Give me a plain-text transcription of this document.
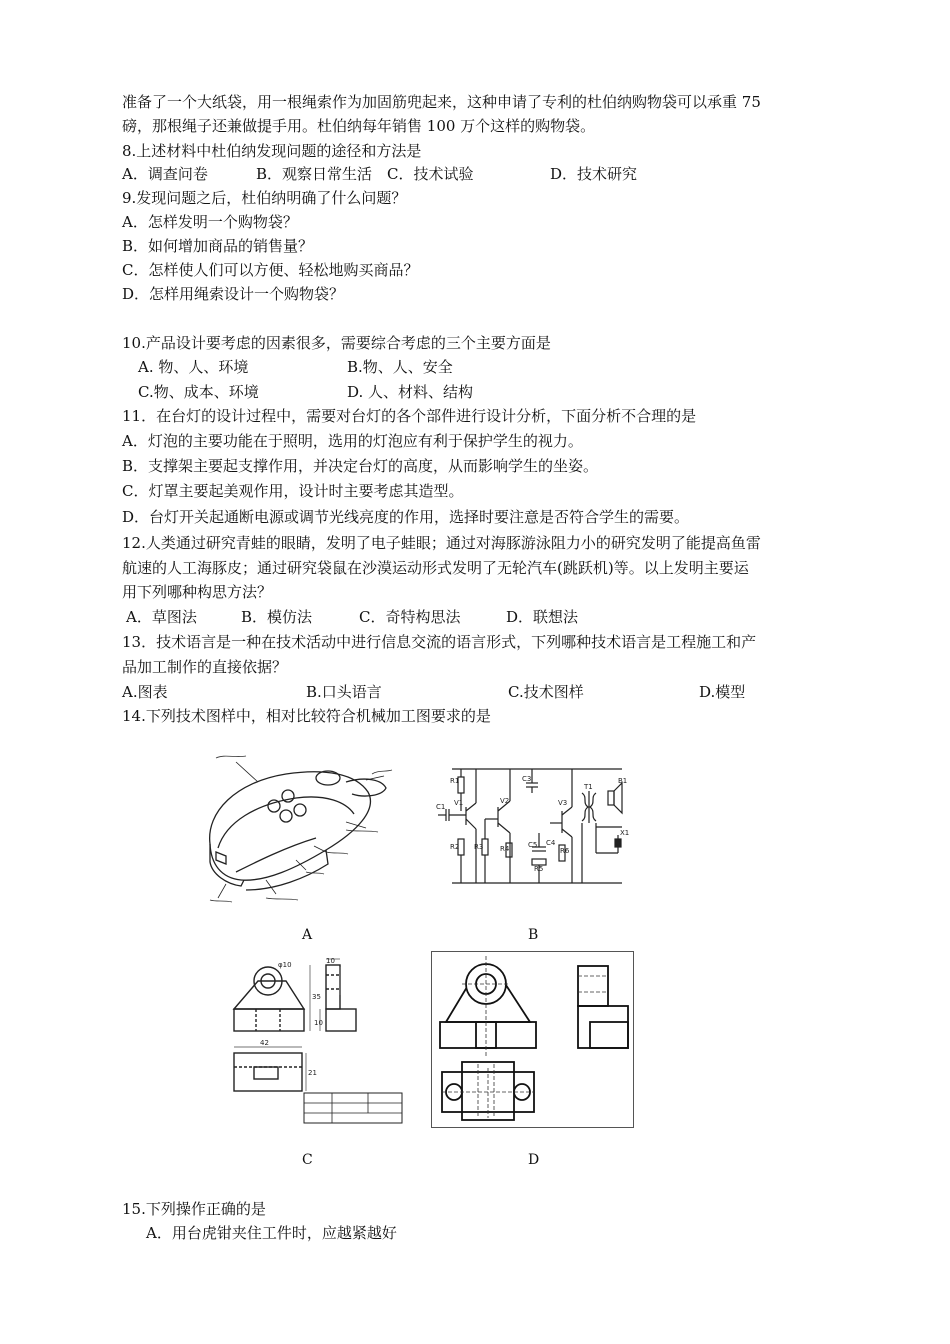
准备了一个大纸袋，用一根绳索作为加固筋兜起来，这种申请了专利的杜伯纳购物袋可以承重 75
磅，那根绳子还兼做提手用。杜伯纳每年销售 100 万个这样的购物袋。
8.上述材料中杜伯纳发现问题的途径和方法是
A．调查问卷	B．观察日常生活 C．技术试验	D．技术研究
9.发现问题之后，杜伯纳明确了什么问题？
A．怎样发明一个购物袋？
B．如何增加商品的销售量？
C．怎样使人们可以方便、轻松地购买商品？
D．怎样用绳索设计一个购物袋？
10.产品设计要考虑的因素很多，需要综合考虑的三个主要方面是
A. 物、人、环境	B.物、人、安全
C.物、成本、环境	D. 人、材料、结构
11．在台灯的设计过程中，需要对台灯的各个部件进行设计分析，下面分析不合理的是
A．灯泡的主要功能在于照明，选用的灯泡应有利于保护学生的视力。
B．支撑架主要起支撑作用，并决定台灯的高度，从而影响学生的坐姿。
C．灯罩主要起美观作用，设计时主要考虑其造型。
D．台灯开关起通断电源或调节光线亮度的作用，选择时要注意是否符合学生的需要。
12.人类通过研究青蛙的眼睛，发明了电子蛙眼；通过对海豚游泳阻力小的研究发明了能提高鱼雷
航速的人工海豚皮；通过研究袋鼠在沙漠运动形式发明了无轮汽车(跳跃机)等。以上发明主要运
用下列哪种构思方法？
A．草图法	B．模仿法	C．奇特构思法	D．联想法
13．技术语言是一种在技术活动中进行信息交流的语言形式，下列哪种技术语言是工程施工和产
品加工制作的直接依据？
A.图表	B.口头语言	C.技术图样	D.模型
14.下列技术图样中，相对比较符合机械加工图要求的是
A
R1
V1
C1
R2 R3
V2
R4
C3
C5
R5
C4
V3
R6
T1
B1
X1
B
φ10
35
10
42
21
10
C	D
15.下列操作正确的是
A．用台虎钳夹住工件时，应越紧越好
